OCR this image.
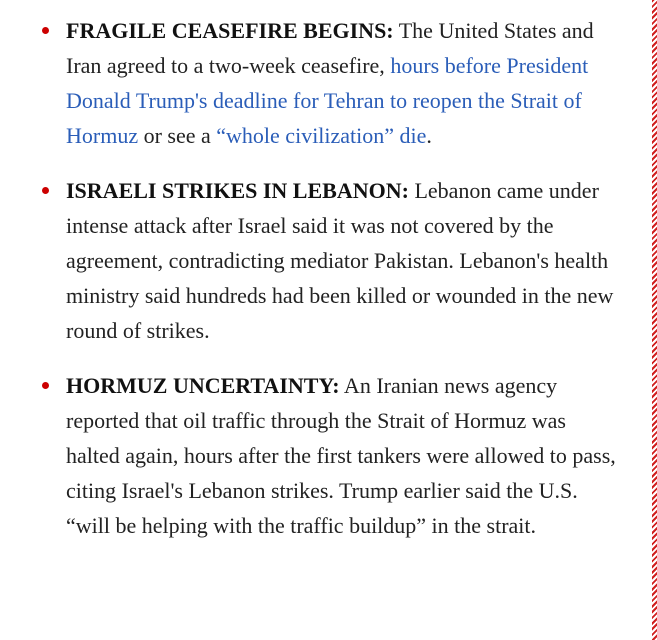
FRAGILE CEASEFIRE BEGINS: The United States and Iran agreed to a two-week ceasefire, hours before President Donald Trump's deadline for Tehran to reopen the Strait of Hormuz or see a “whole civilization” die.
ISRAELI STRIKES IN LEBANON: Lebanon came under intense attack after Israel said it was not covered by the agreement, contradicting mediator Pakistan. Lebanon's health ministry said hundreds had been killed or wounded in the new round of strikes.
HORMUZ UNCERTAINTY: An Iranian news agency reported that oil traffic through the Strait of Hormuz was halted again, hours after the first tankers were allowed to pass, citing Israel's Lebanon strikes. Trump earlier said the U.S. “will be helping with the traffic buildup” in the strait.
